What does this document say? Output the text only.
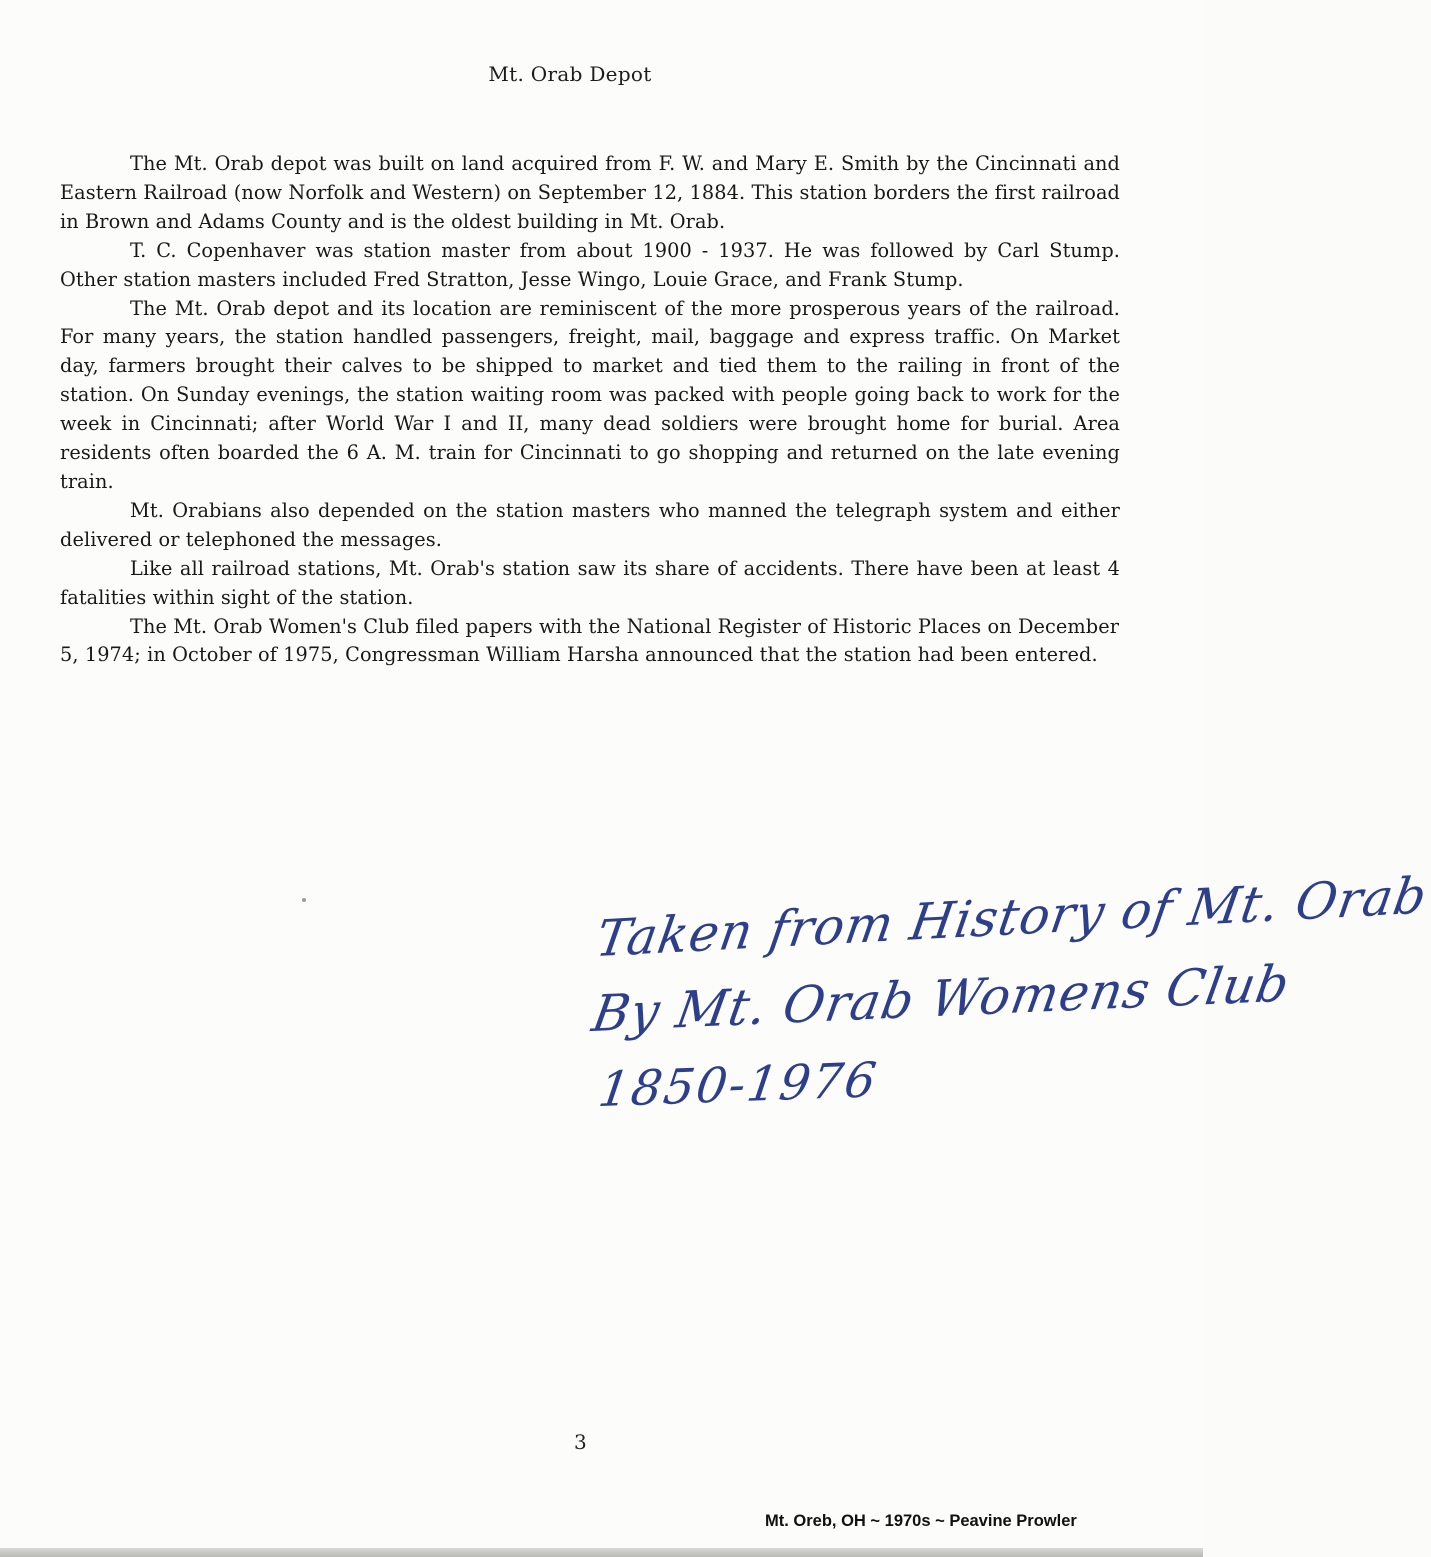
Mt. Orab Depot

The Mt. Orab depot was built on land acquired from F. W. and Mary E. Smith by the Cincinnati and Eastern Railroad (now Norfolk and Western) on September 12, 1884. This station borders the first railroad in Brown and Adams County and is the oldest building in Mt. Orab.

T. C. Copenhaver was station master from about 1900 - 1937. He was followed by Carl Stump. Other station masters included Fred Stratton, Jesse Wingo, Louie Grace, and Frank Stump.

The Mt. Orab depot and its location are reminiscent of the more prosperous years of the railroad. For many years, the station handled passengers, freight, mail, baggage and express traffic. On Market day, farmers brought their calves to be shipped to market and tied them to the railing in front of the station. On Sunday evenings, the station waiting room was packed with people going back to work for the week in Cincinnati; after World War I and II, many dead soldiers were brought home for burial. Area residents often boarded the 6 A. M. train for Cincinnati to go shopping and returned on the late evening train.

Mt. Orabians also depended on the station masters who manned the telegraph system and either delivered or telephoned the messages.

Like all railroad stations, Mt. Orab's station saw its share of accidents. There have been at least 4 fatalities within sight of the station.

The Mt. Orab Women's Club filed papers with the National Register of Historic Places on December 5, 1974; in October of 1975, Congressman William Harsha announced that the station had been entered.

Taken from History of Mt. Orab
By Mt. Orab Womens Club
1850-1976
3
Mt. Oreb, OH ~ 1970s ~ Peavine Prowler
